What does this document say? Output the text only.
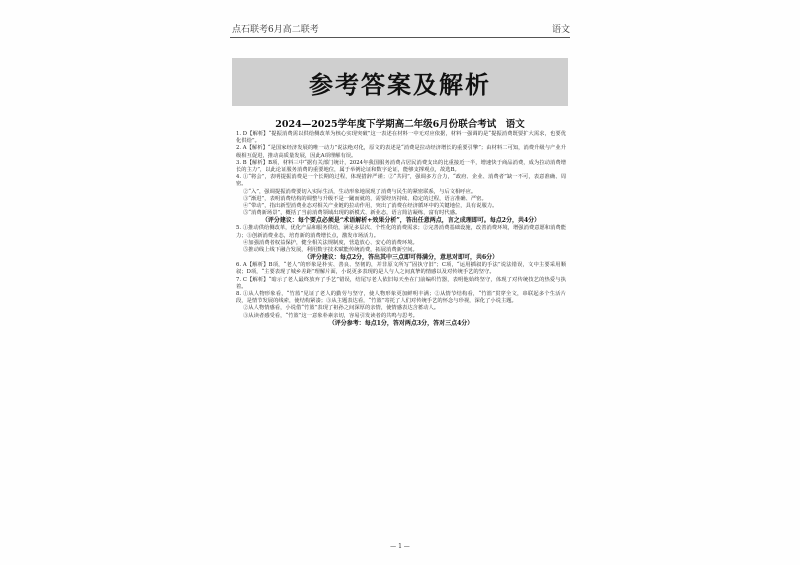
点石联考6月高二联考	语文
参考答案及解析
2024—2025学年度下学期高二年级6月份联合考试　语文

1. D【解析】“提振消费需以供给侧改革为核心实现突破”这一表述在材料一中无对应依据，材料一强调的是“提振消费既要扩大需求，也要优化供给”。

2. A【解析】“是国家经济发展的唯一动力”说法绝对化，原文的表述是“消费是拉动经济增长的重要引擎”；由材料二可知，消费升级与产业升级相互促进，推动高质量发展，因此A项理解有误。

3. B【解析】B项，材料三中“据有关部门统计，2024年我国服务消费占居民消费支出的比重接近一半，增速快于商品消费，成为拉动消费增长的主力”，以此论证服务消费的重要地位，属于举例论证和数字论证，能够支撑观点，故选B。

4. ①“将会”，表明提振消费是一个长期的过程，体现措辞严谨；②“共同”，强调多方合力，“政府、企业、消费者”缺一不可，表意准确、周密。

②“入”，强调提振消费要切入实际生活，生动形象地展现了消费与民生的紧密联系，与后文相呼应。

③“渐进”，表明消费结构的调整与升级不是一蹴而就的，需要经历持续、稳定的过程，语言准确、严密。

④“带动”，指出新型消费业态对相关产业链的拉动作用，突出了消费在经济循环中的关键地位，具有说服力。

⑤“消费新场景”，概括了当前消费领域出现的新模式、新业态，语言简洁凝练，富有时代感。

（评分建议：每个要点必须是“术语解析+效果分析”，答出任意两点，言之成理即可。每点2分，共4分）

5. ①推动供给侧改革，优化产品和服务供给，满足多层次、个性化的消费需求；②完善消费基础设施，改善消费环境，增强消费意愿和消费能力；③创新消费业态，培育新的消费增长点，激发市场活力。

④加强消费者权益保护，健全相关法规制度，营造放心、安心的消费环境。

⑤推动线上线下融合发展，利用数字技术赋能传统消费，拓展消费新空间。

（评分建议：每点2分，答出其中三点即可得满分，意思对即可，共6分）

6. A【解析】B项，“老人”的形象是朴实、善良、坚韧的，并非原文所写“固执守旧”；C项，“运用插叙的手法”说法错误，文中主要采用顺叙；D项，“主要表现了城乡差距”理解片面，小说更多表现的是人与人之间真挚的情感以及对传统手艺的坚守。

7. C【解析】“暗示了老人最终放弃了手艺”错误，结尾写老人依旧每天坐在门前编织竹器，表明他始终坚守，体现了对传统技艺的热爱与执着。

8. ①从人物形象看，“竹篮”见证了老人的勤劳与坚守，使人物形象更加鲜明丰满；②从情节结构看，“竹篮”贯穿全文，串联起多个生活片段，是情节发展的线索，使结构紧凑；③从主题表达看，“竹篮”寄托了人们对传统手艺的怀念与珍视，深化了小说主题。

②从人物情感看，小说借“竹篮”表现了祖孙之间深厚的亲情，使情感表达含蓄动人。

③从读者感受看，“竹篮”这一意象朴素亲切，容易引发读者的共鸣与思考。

（评分参考：每点1分，答对两点3分，答对三点4分）

— 1 —
